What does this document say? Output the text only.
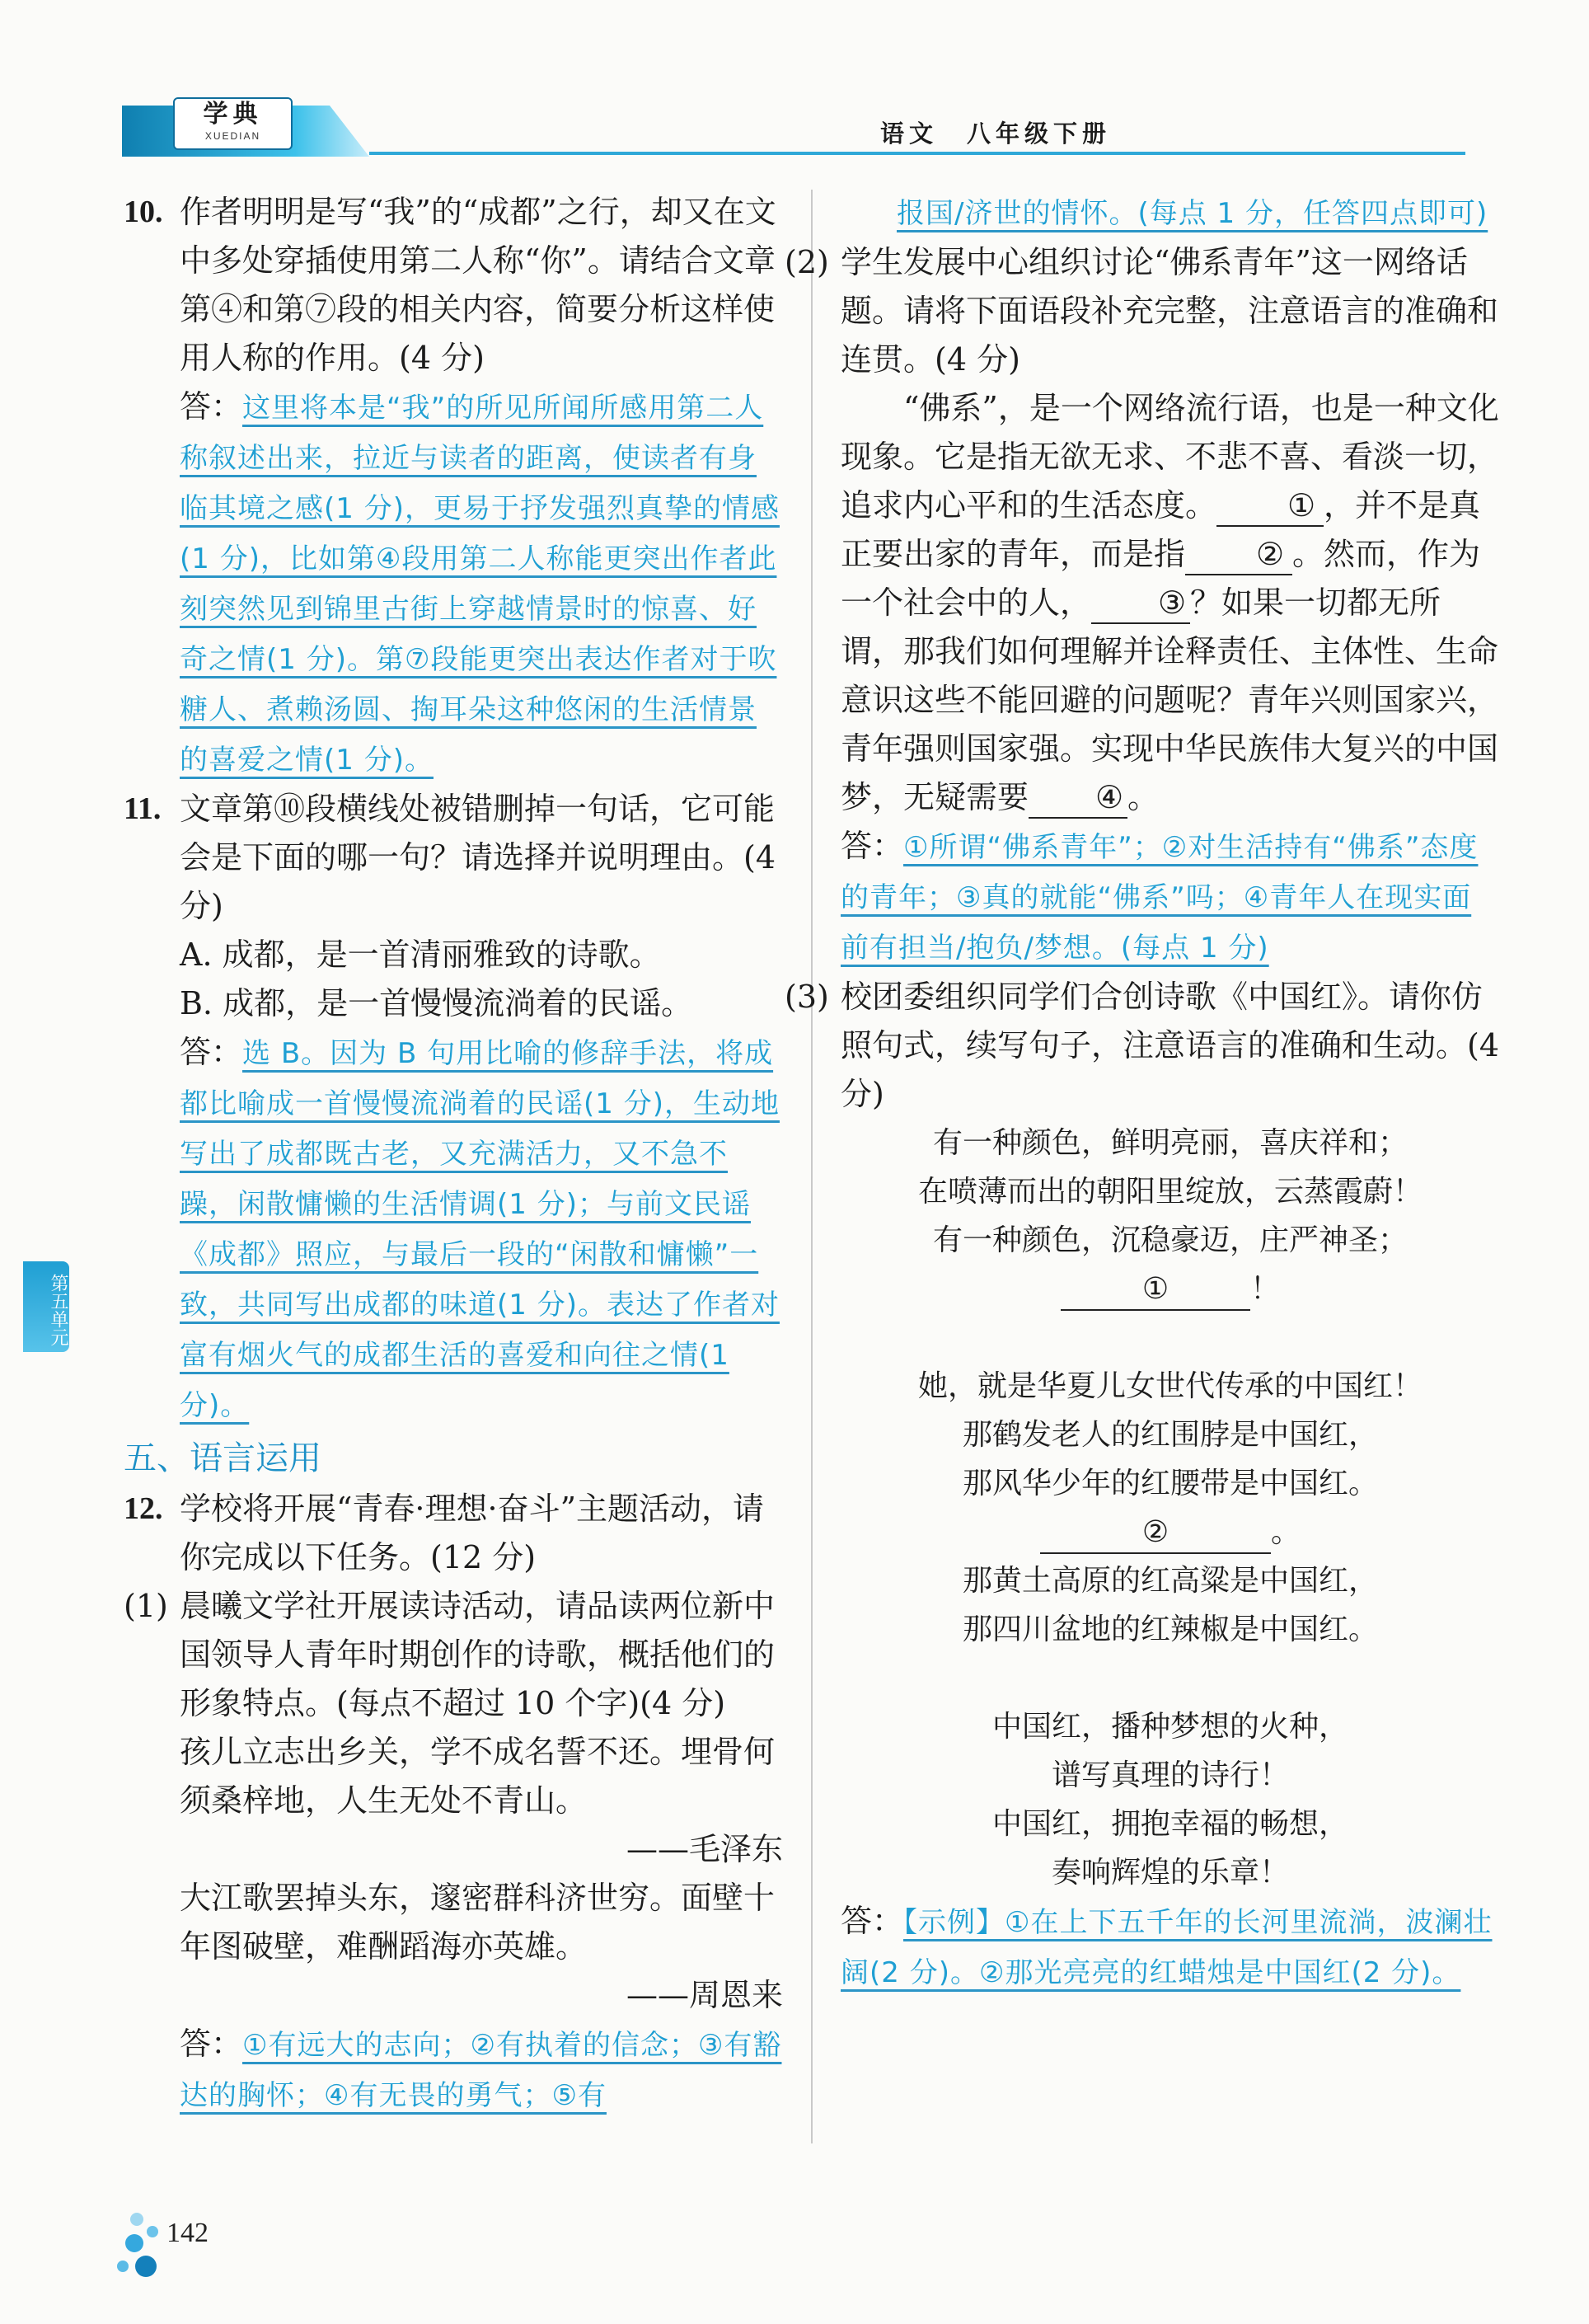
学典
XUEDIAN	语文　八年级下册
10. 作者明明是写“我”的“成都”之行，却又在文中多处穿插使用第二人称“你”。请结合文章第④和第⑦段的相关内容，简要分析这样使用人称的作用。(4 分)

答：这里将本是“我”的所见所闻所感用第二人称叙述出来，拉近与读者的距离，使读者有身临其境之感(1 分)，更易于抒发强烈真挚的情感(1 分)，比如第④段用第二人称能更突出作者此刻突然见到锦里古街上穿越情景时的惊喜、好奇之情(1 分)。第⑦段能更突出表达作者对于吹糖人、煮赖汤圆、掏耳朵这种悠闲的生活情景的喜爱之情(1 分)。

11. 文章第⑩段横线处被错删掉一句话，它可能会是下面的哪一句？请选择并说明理由。(4 分)

A. 成都，是一首清丽雅致的诗歌。

B. 成都，是一首慢慢流淌着的民谣。

答：选 B。因为 B 句用比喻的修辞手法，将成都比喻成一首慢慢流淌着的民谣(1 分)，生动地写出了成都既古老，又充满活力，又不急不躁，闲散慵懒的生活情调(1 分)；与前文民谣《成都》照应，与最后一段的“闲散和慵懒”一致，共同写出成都的味道(1 分)。表达了作者对富有烟火气的成都生活的喜爱和向往之情(1 分)。

五、语言运用
12. 学校将开展“青春·理想·奋斗”主题活动，请你完成以下任务。(12 分)

(1) 晨曦文学社开展读诗活动，请品读两位新中国领导人青年时期创作的诗歌，概括他们的形象特点。(每点不超过 10 个字)(4 分)

孩儿立志出乡关，学不成名誓不还。埋骨何须桑梓地，人生无处不青山。

——毛泽东

大江歌罢掉头东，邃密群科济世穷。面壁十年图破壁，难酬蹈海亦英雄。

——周恩来

答：①有远大的志向；②有执着的信念；③有豁达的胸怀；④有无畏的勇气；⑤有

报国/济世的情怀。(每点 1 分，任答四点即可)

(2) 学生发展中心组织讨论“佛系青年”这一网络话题。请将下面语段补充完整，注意语言的准确和连贯。(4 分)

“佛系”，是一个网络流行语，也是一种文化现象。它是指无欲无求、不悲不喜、看淡一切，追求内心平和的生活态度。 ① ，并不是真正要出家的青年，而是指 ② 。然而，作为一个社会中的人， ③ ？如果一切都无所谓，那我们如何理解并诠释责任、主体性、生命意识这些不能回避的问题呢？青年兴则国家兴，青年强则国家强。实现中华民族伟大复兴的中国梦，无疑需要 ④ 。

答：①所谓“佛系青年”；②对生活持有“佛系”态度的青年；③真的就能“佛系”吗；④青年人在现实面前有担当/抱负/梦想。(每点 1 分)

(3) 校团委组织同学们合创诗歌《中国红》。请你仿照句式，续写句子，注意语言的准确和生动。(4 分)

有一种颜色，鲜明亮丽，喜庆祥和；
在喷薄而出的朝阳里绽放，云蒸霞蔚！
有一种颜色，沉稳豪迈，庄严神圣；
①	！
她，就是华夏儿女世代传承的中国红！
那鹤发老人的红围脖是中国红，
那风华少年的红腰带是中国红。
②	。
那黄土高原的红高粱是中国红，
那四川盆地的红辣椒是中国红。
中国红，播种梦想的火种，
谱写真理的诗行！
中国红，拥抱幸福的畅想，
奏响辉煌的乐章！

答：【示例】①在上下五千年的长河里流淌，波澜壮阔(2 分)。②那光亮亮的红蜡烛是中国红(2 分)。

第五单元
142
